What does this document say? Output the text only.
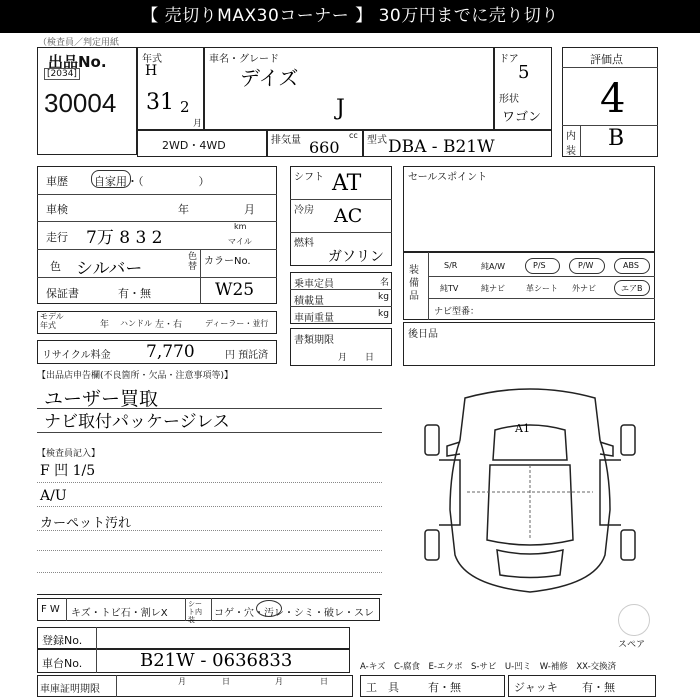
【 売切りMAX30コーナー 】 30万円までに売り切り
（検査員／判定用紙
出品No.
[2034]
30004
年式
H
31 2
月
車名・グレード
デイズ
J
ドア
5
形状
ワゴン
2WD・4WD	排気量 660
cc 型式 DBA - B21W
評価点
4
内
装
B
車歴 自家用・（　　　　　）
車検	年	月
走行 7万 8 3 2
km
マイル
色 シルバー
色替 カラーNo.
W25
保証書	有・無
モデル年式	年 ハンドル 左・右	ディーラー・並行
リサイクル料金 7,770	円 預託済
シフト AT
冷房 AC
燃料
ガソリン
乗車定員	名
積載量	kg
車両重量	kg
書類期限
月　　日
セールスポイント
装備品
S/R	純A/W	P/S	P/W	ABS
純TV	純ナビ	革シート 外ナビ	エアB
ナビ型番：
後日品
【出品店申告欄(不良箇所・欠品・注意事項等)】
ユーザー買取
ナビ取付パッケージレス
【検査員記入】
F 凹 1/5
A/U
カーペット汚れ
A1
スペア
F W キズ・トビ石・割レX
シート内装
コゲ・穴・汚レ・シミ・破レ・スレ
登録No.
車台No.	B21W - 0636833	A-キズ　C-腐食　E-エクボ　S-サビ　U-凹ミ　W-補修　XX-交換済
車庫証明期限
月	日	月	日	工　具	有・無	ジャッキ 有・無
